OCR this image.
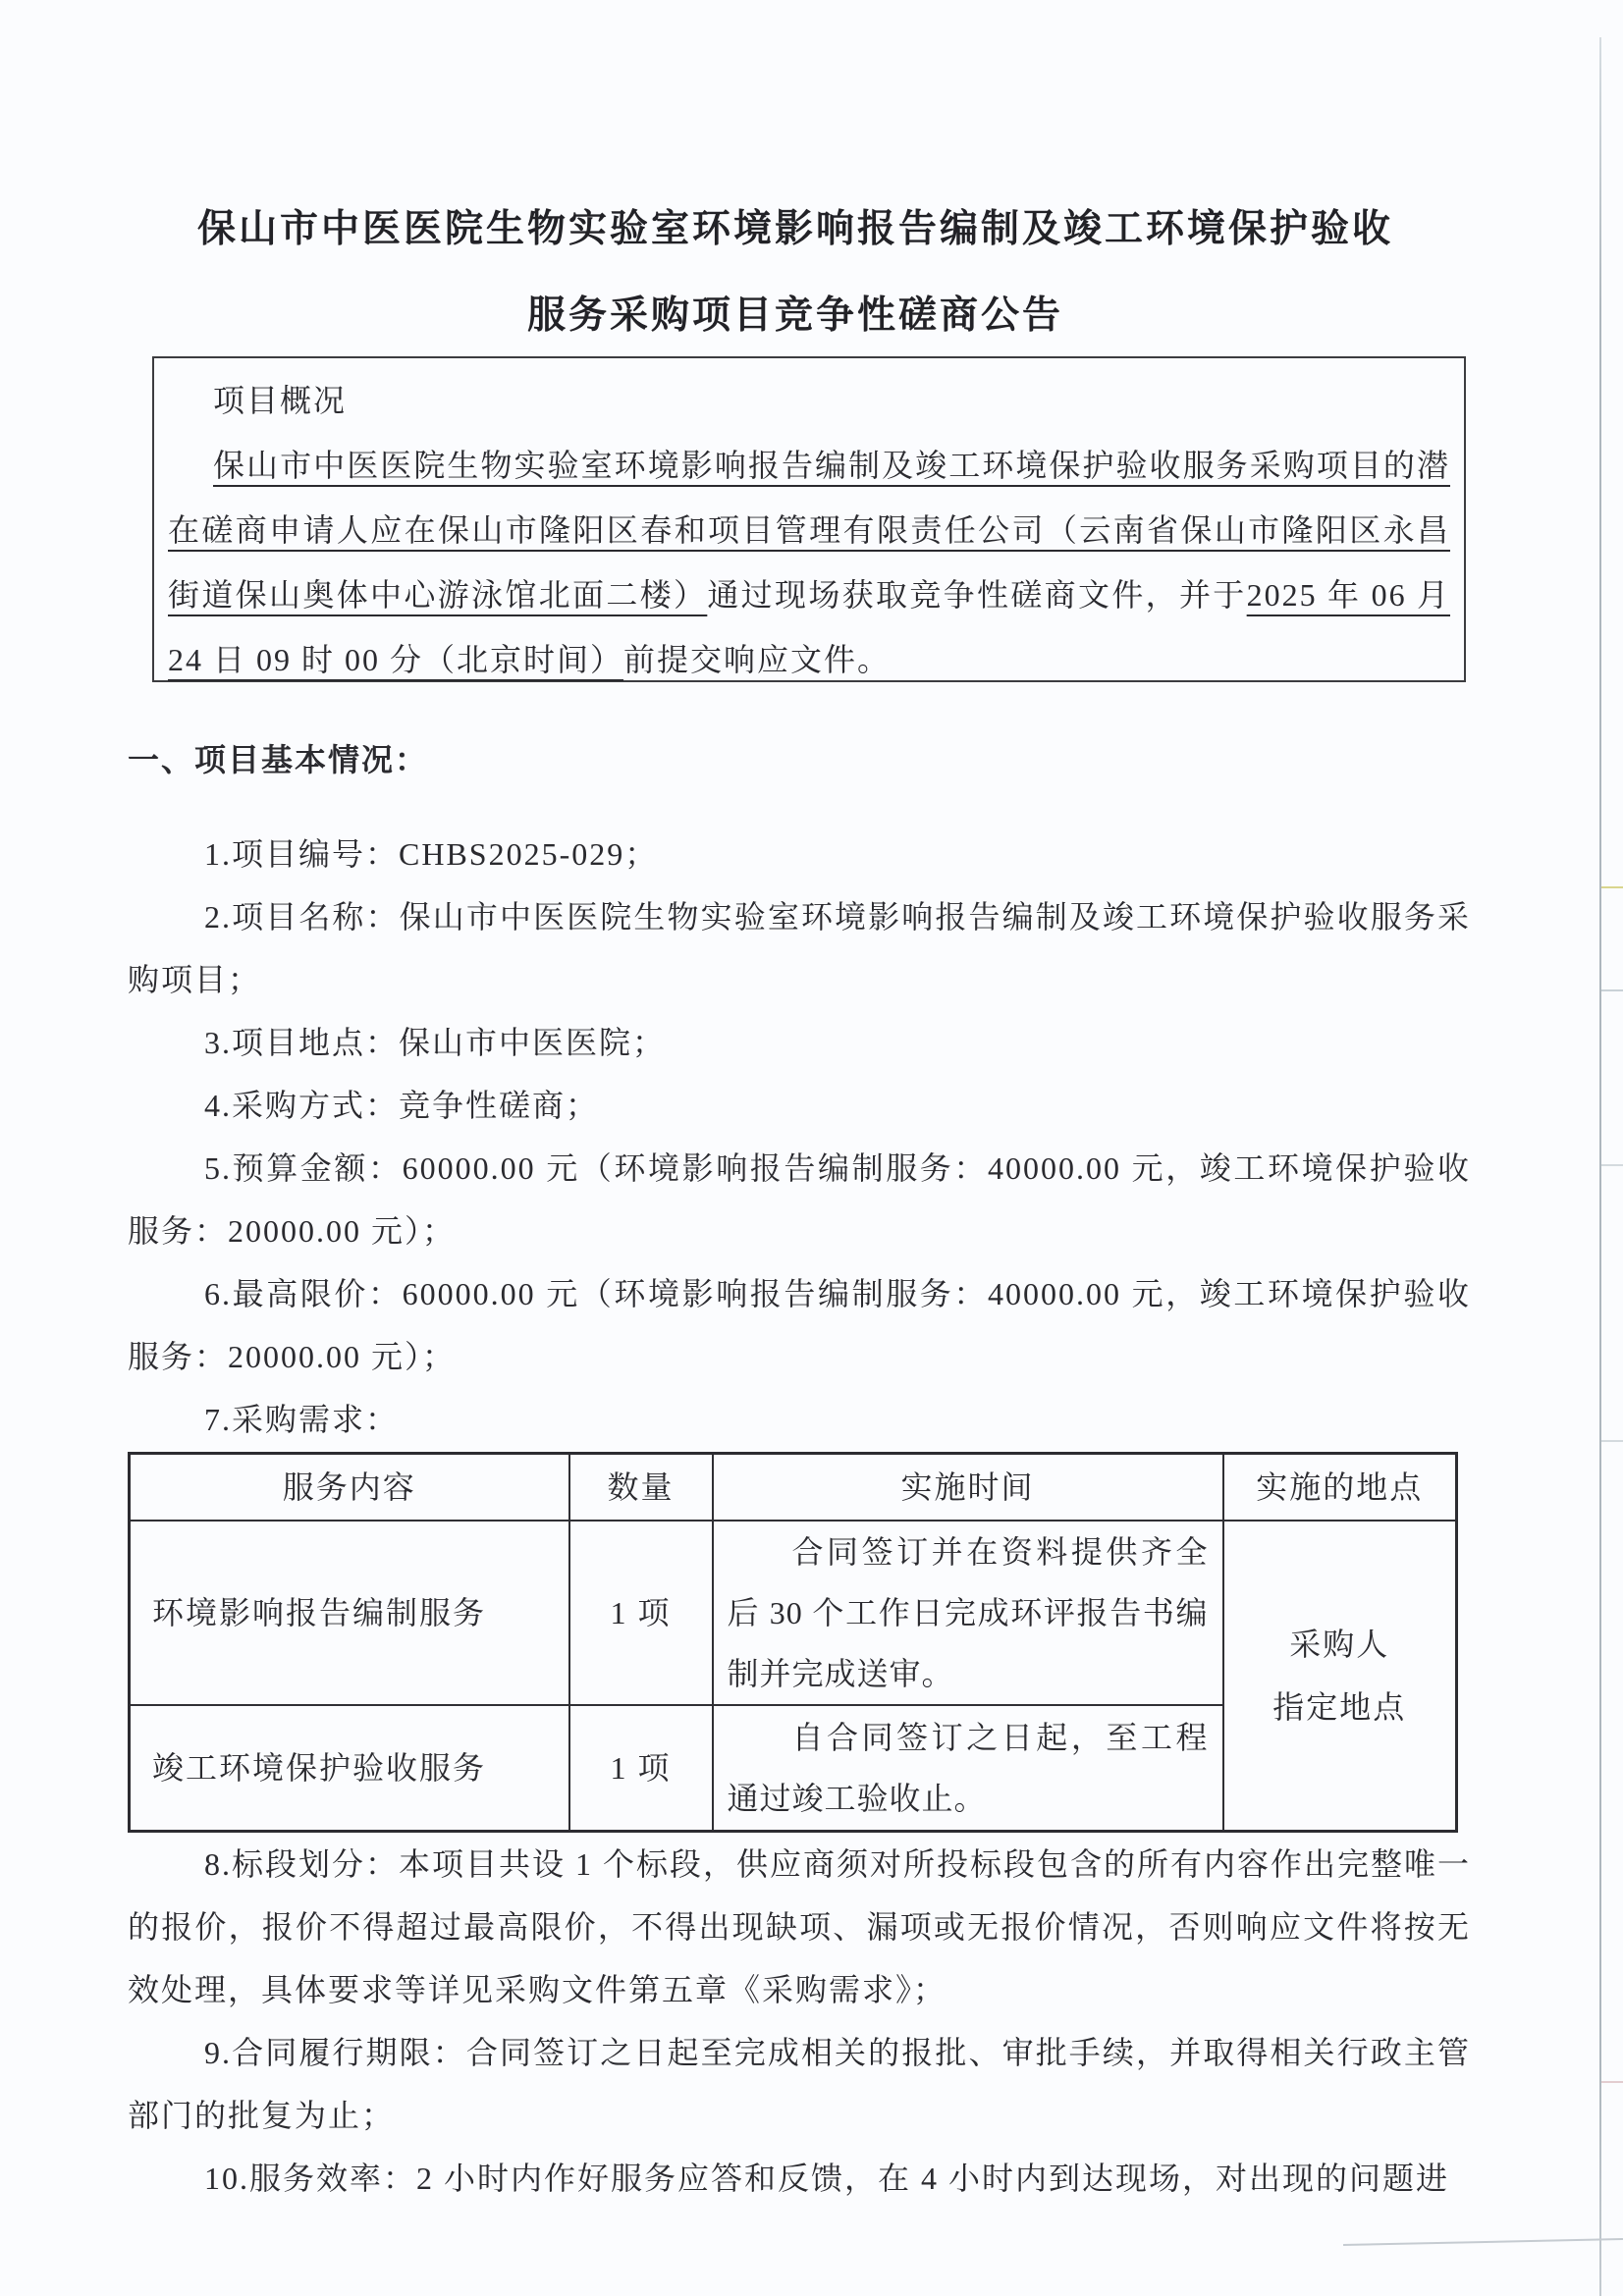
保山市中医医院生物实验室环境影响报告编制及竣工环境保护验收
服务采购项目竞争性磋商公告
项目概况

保山市中医医院生物实验室环境影响报告编制及竣工环境保护验收服务采购项目的潜在磋商申请人应在保山市隆阳区春和项目管理有限责任公司（云南省保山市隆阳区永昌街道保山奥体中心游泳馆北面二楼）通过现场获取竞争性磋商文件，并于2025 年 06 月 24 日 09 时 00 分（北京时间）前提交响应文件。

一、项目基本情况：

1.项目编号：CHBS2025-029；

2.项目名称：保山市中医医院生物实验室环境影响报告编制及竣工环境保护验收服务采购项目；

3.项目地点：保山市中医医院；

4.采购方式：竞争性磋商；

5.预算金额：60000.00 元（环境影响报告编制服务：40000.00 元，竣工环境保护验收服务：20000.00 元）；

6.最高限价：60000.00 元（环境影响报告编制服务：40000.00 元，竣工环境保护验收服务：20000.00 元）；

7.采购需求：

服务内容	数量	实施时间	实施的地点
环境影响报告编制服务	1 项	合同签订并在资料提供齐全后 30 个工作日完成环评报告书编制并完成送审。	采购人
指定地点

竣工环境保护验收服务	1 项	自合同签订之日起，至工程通过竣工验收止。	

8.标段划分：本项目共设 1 个标段，供应商须对所投标段包含的所有内容作出完整唯一的报价，报价不得超过最高限价，不得出现缺项、漏项或无报价情况，否则响应文件将按无效处理，具体要求等详见采购文件第五章《采购需求》；

9.合同履行期限：合同签订之日起至完成相关的报批、审批手续，并取得相关行政主管部门的批复为止；

10.服务效率：2 小时内作好服务应答和反馈，在 4 小时内到达现场，对出现的问题进
